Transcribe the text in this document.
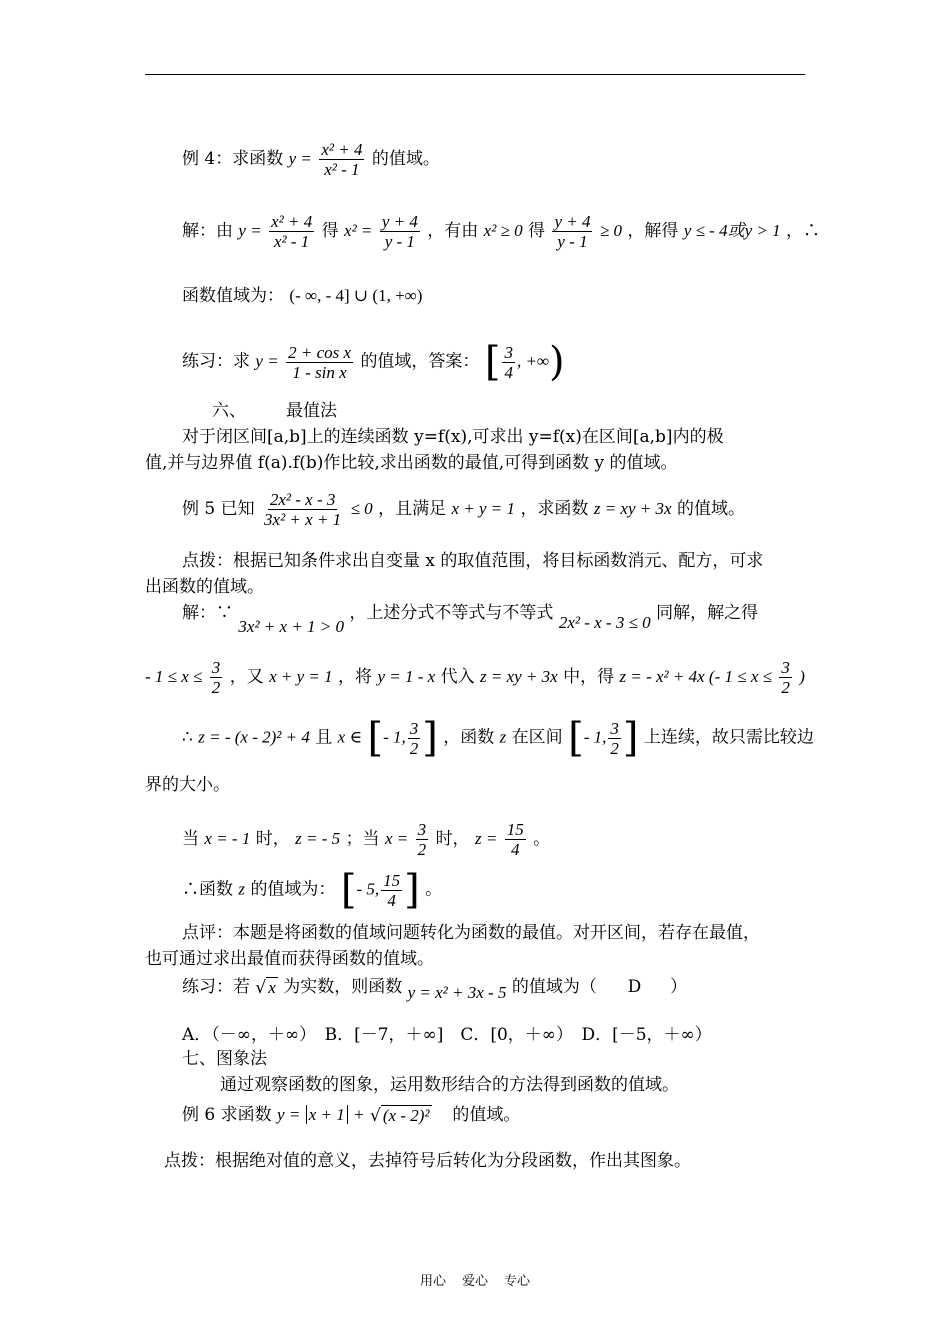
例 4：求函数 $y = \frac{\text{x² + 4}}{\text{x² - 1}}$ 的值域。
解：由 $y = \frac{\text{x² + 4}}{\text{x² - 1}}$ 得 $x^2 = \frac{y + 4}{y - 1}$ ，有由 x² ≥ 0 得 $\frac{y + 4}{y - 1} \ge 0$ ，解得 y ≤ - 4或y > 1 ，∴
函数值域为： (- ∞, - 4] ∪ (1, +∞)
练习：求 $y = \frac{\text{2 + cos x}}{\text{1 - sin x}}$ 的值域，答案： [ $\frac{3}{4}$ , +∞)
六、 最值法
对于闭区间[a,b]上的连续函数 y=f(x),可求出 y=f(x)在区间[a,b]内的极
值,并与边界值 f(a).f(b)作比较,求出函数的最值,可得到函数 y 的值域。
例 5 已知 $\frac{\text{2x² - x - 3}}{\text{3x² + x + 1}} \le 0$ ，且满足 x + y = 1 ，求函数 z = xy + 3x 的值域。
点拨：根据已知条件求出自变量 x 的取值范围，将目标函数消元、配方，可求
出函数的值域。
解：∵ 3x² + x + 1 > 0 ，上述分式不等式与不等式 2x² - x - 3 ≤ 0 同解，解之得
- $1 \le x \le \frac{3}{2}$ ，又 x + y = 1 ，将 y = 1 - x 代入 z = xy + 3x 中，得 z = - x² + 4x (- $1 \le x \le \frac{3}{2}$ )
∴ z = - (x - 2)² + 4 且 x ∈ [- 1, $\frac{3}{2}$ ] ，函数 z 在区间 [- 1, $\frac{3}{2}$ ] 上连续，故只需比较边
界的大小。
当 x = - 1 时， z = - 5 ；当 $x = \frac{3}{2}$ 时， $z = \frac{15}{4}$ 。
∴函数 z 的值域为： [- 5, $\frac{15}{4}$ ] 。
点评：本题是将函数的值域问题转化为函数的最值。对开区间，若存在最值，
也可通过求出最值而获得函数的值域。
练习：若 √ x 为实数，则函数 y = x² + 3x - 5 的值域为（ D ）
A．（－∞，＋∞）　B．[－7，＋∞]　C．[0，＋∞）　D．[－5，＋∞）
七、图象法
通过观察函数的图象，运用数形结合的方法得到函数的值域。
例 6 求函数 y = x + 1 + √ (x - 2)² 的值域。
点拨：根据绝对值的意义，去掉符号后转化为分段函数，作出其图象。
用心 爱心 专心
